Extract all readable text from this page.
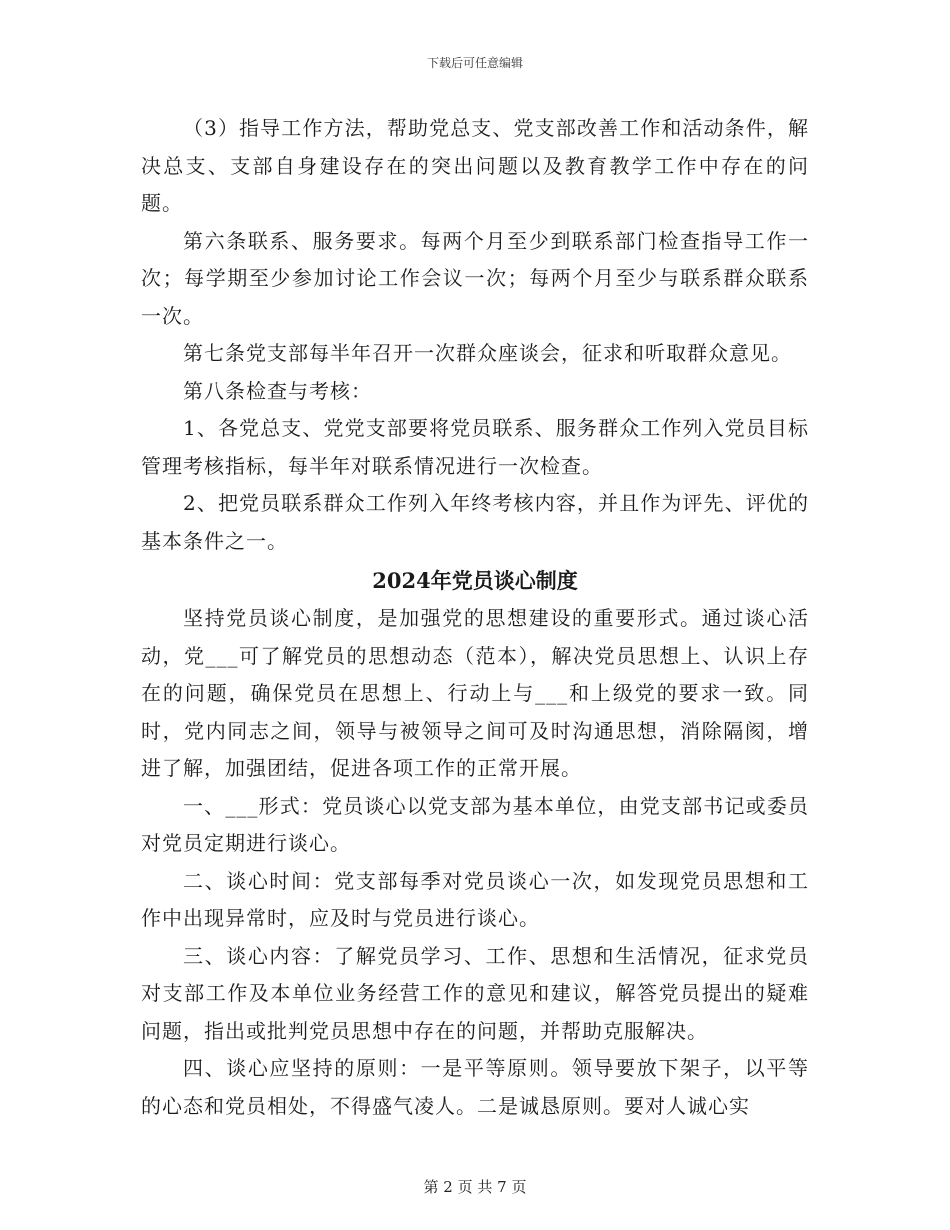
下载后可任意编辑

（3）指导工作方法，帮助党总支、党支部改善工作和活动条件，解决总支、支部自身建设存在的突出问题以及教育教学工作中存在的问题。

第六条联系、服务要求。每两个月至少到联系部门检查指导工作一次；每学期至少参加讨论工作会议一次；每两个月至少与联系群众联系一次。

第七条党支部每半年召开一次群众座谈会，征求和听取群众意见。

第八条检查与考核：

1、各党总支、党党支部要将党员联系、服务群众工作列入党员目标管理考核指标，每半年对联系情况进行一次检查。

2、把党员联系群众工作列入年终考核内容，并且作为评先、评优的基本条件之一。

2024年党员谈心制度

坚持党员谈心制度，是加强党的思想建设的重要形式。通过谈心活动，党___可了解党员的思想动态（范本），解决党员思想上、认识上存在的问题，确保党员在思想上、行动上与___和上级党的要求一致。同时，党内同志之间，领导与被领导之间可及时沟通思想，消除隔阂，增进了解，加强团结，促进各项工作的正常开展。

一、___形式：党员谈心以党支部为基本单位，由党支部书记或委员对党员定期进行谈心。

二、谈心时间：党支部每季对党员谈心一次，如发现党员思想和工作中出现异常时，应及时与党员进行谈心。

三、谈心内容：了解党员学习、工作、思想和生活情况，征求党员对支部工作及本单位业务经营工作的意见和建议，解答党员提出的疑难问题，指出或批判党员思想中存在的问题，并帮助克服解决。

四、谈心应坚持的原则：一是平等原则。领导要放下架子，以平等的心态和党员相处，不得盛气凌人。二是诚恳原则。要对人诚心实

第 2 页 共 7 页
